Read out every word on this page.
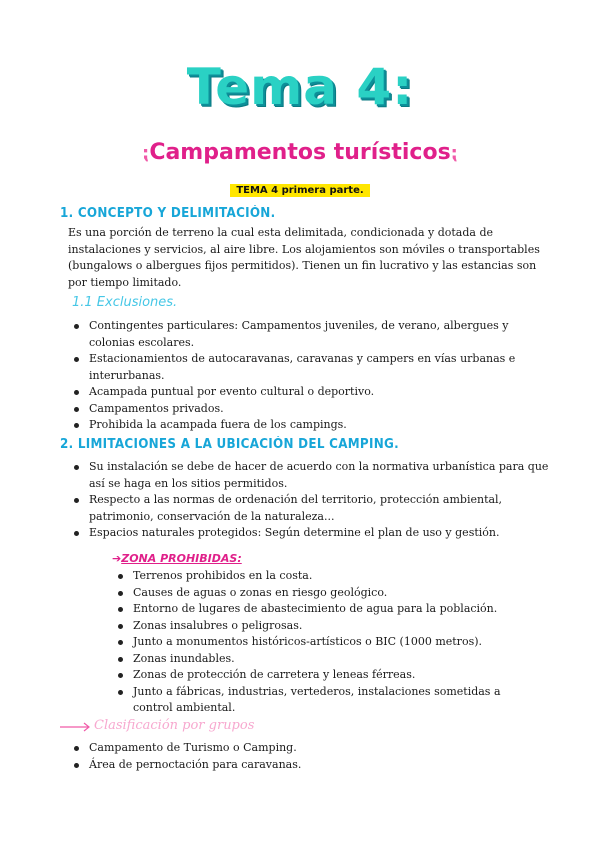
Tema 4:
⁏Campamentos turísticos⁏
TEMA 4 primera parte.
1. CONCEPTO Y DELIMITACIÓN.

Es una porción de terreno la cual esta delimitada, condicionada y dotada de instalaciones y servicios, al aire libre. Los alojamientos son móviles o transportables (bungalows o albergues fijos permitidos). Tienen un fin lucrativo y las estancias son por tiempo limitado.

1.1 Exclusiones.
Contingentes particulares: Campamentos juveniles, de verano, albergues y colonias escolares.
Estacionamientos de autocaravanas, caravanas y campers en vías urbanas e interurbanas.
Acampada puntual por evento cultural o deportivo.
Campamentos privados.
Prohibida la acampada fuera de los campings.
2. LIMITACIONES A LA UBICACIÓN DEL CAMPING.
Su instalación se debe de hacer de acuerdo con la normativa urbanística para que así se haga en los sitios permitidos.
Respecto a las normas de ordenación del territorio, protección ambiental, patrimonio, conservación de la naturaleza...
Espacios naturales protegidos: Según determine el plan de uso y gestión.
➔ZONA PROHIBIDAS:
Terrenos prohibidos en la costa.
Causes de aguas o zonas en riesgo geológico.
Entorno de lugares de abastecimiento de agua para la población.
Zonas insalubres o peligrosas.
Junto a monumentos históricos-artísticos o BIC (1000 metros).
Zonas inundables.
Zonas de protección de carretera y leneas férreas.
Junto a fábricas, industrias, vertederos, instalaciones sometidas a control ambiental.
Clasificación por grupos
Campamento de Turismo o Camping.
Área de pernoctación para caravanas.
